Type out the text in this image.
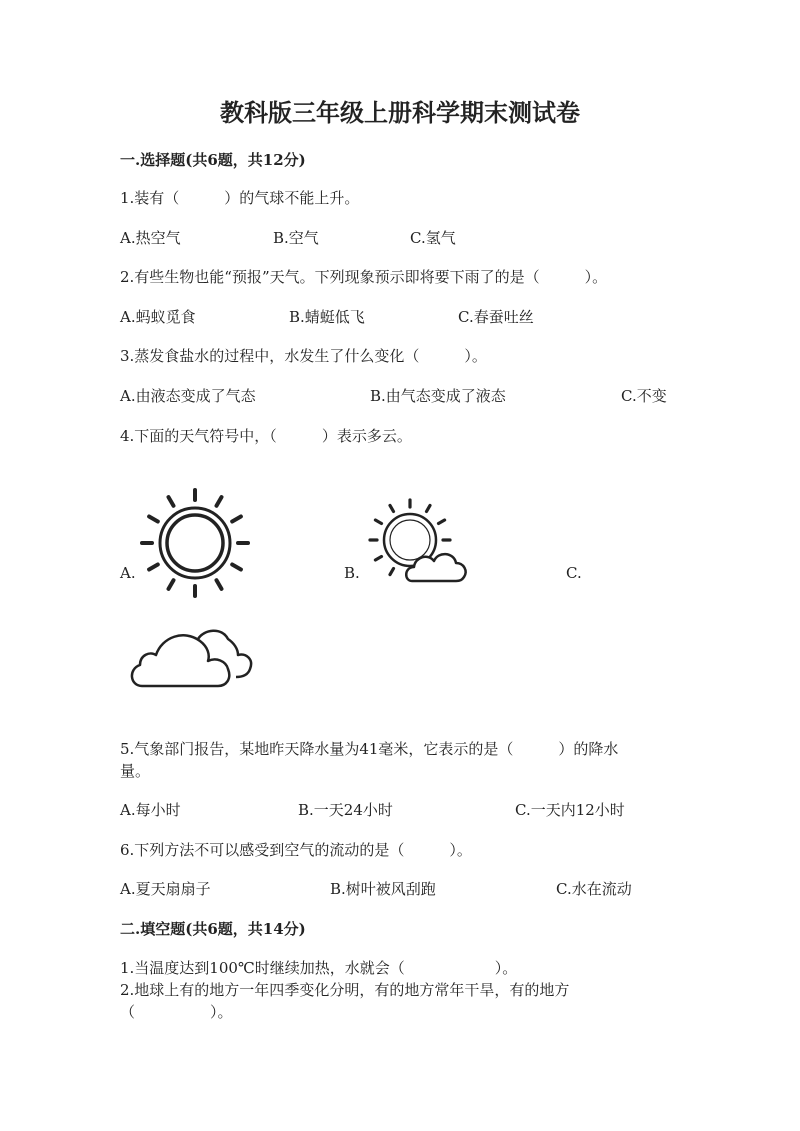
教科版三年级上册科学期末测试卷
一.选择题(共6题，共12分)
1.装有（　　　）的气球不能上升。
A.热空气	B.空气	C.氢气
2.有些生物也能“预报”天气。下列现象预示即将要下雨了的是（　　　）。
A.蚂蚁觅食	B.蜻蜓低飞	C.春蚕吐丝
3.蒸发食盐水的过程中，水发生了什么变化（　　　）。
A.由液态变成了气态	B.由气态变成了液态	C.不变
4.下面的天气符号中，（　　　）表示多云。
A.	B.	C.
5.气象部门报告，某地昨天降水量为41毫米，它表示的是（　　　）的降水
量。
A.每小时	B.一天24小时	C.一天内12小时
6.下列方法不可以感受到空气的流动的是（　　　）。
A.夏天扇扇子	B.树叶被风刮跑	C.水在流动
二.填空题(共6题，共14分)
1.当温度达到100℃时继续加热，水就会（　　　　　　）。
2.地球上有的地方一年四季变化分明，有的地方常年干旱，有的地方
（　　　　　）。
